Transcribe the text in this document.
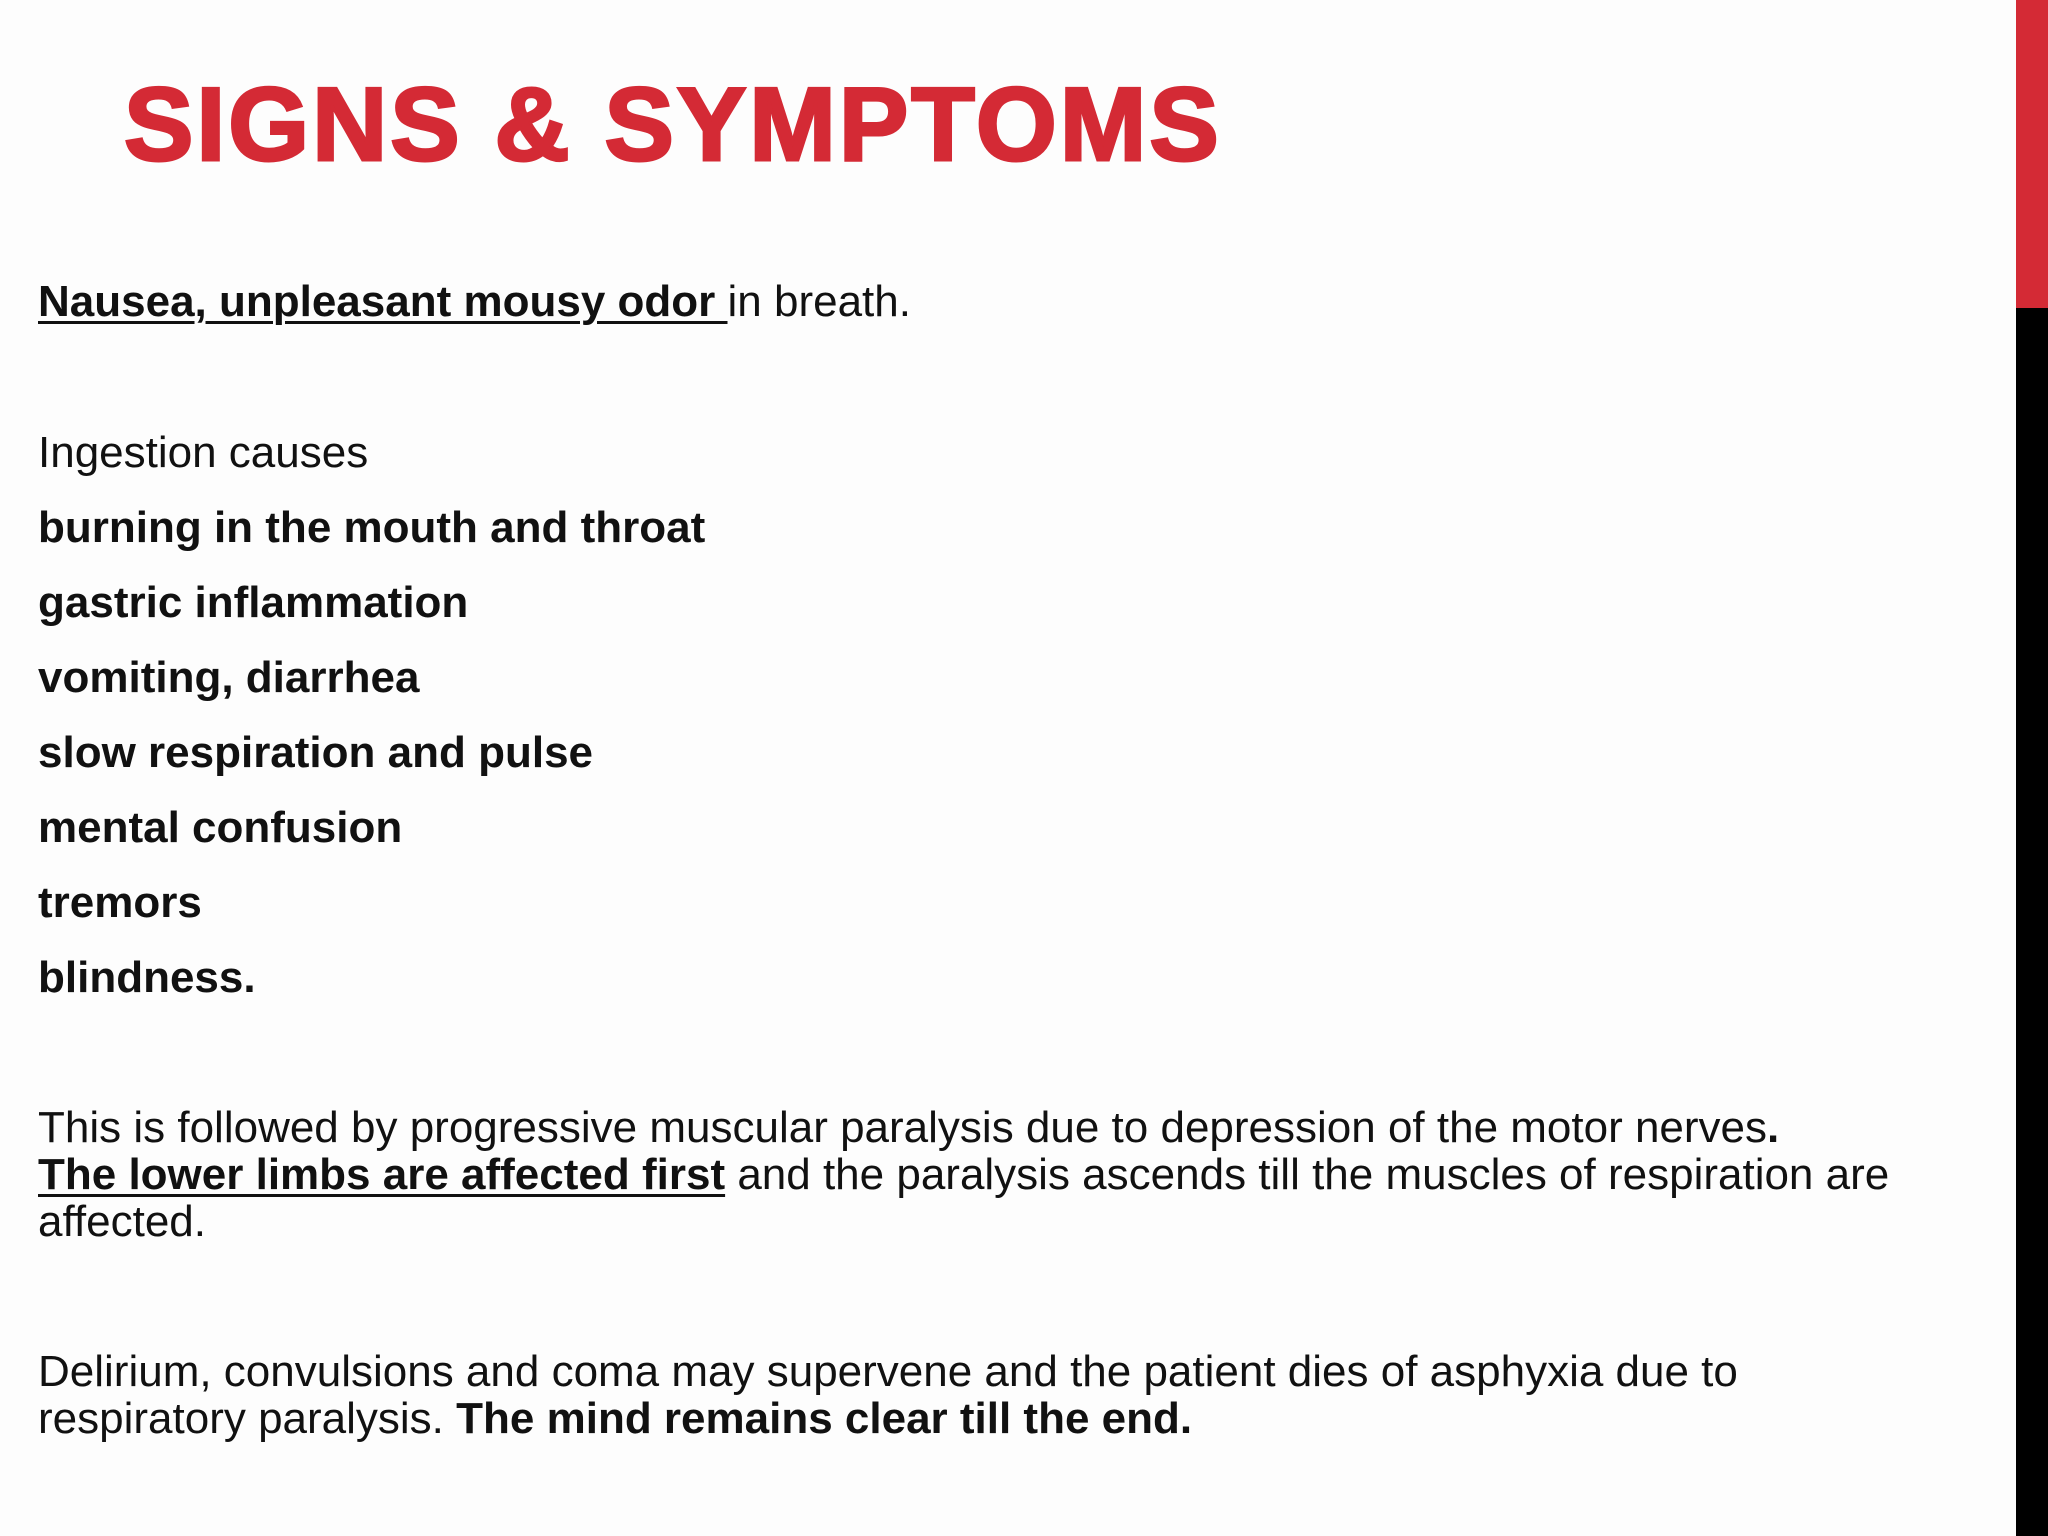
SIGNS & SYMPTOMS
Nausea, unpleasant mousy odor in breath.
Ingestion causes
burning in the mouth and throat
gastric inflammation
vomiting, diarrhea
slow respiration and pulse
mental confusion
tremors
blindness.
This is followed by progressive muscular paralysis due to depression of the motor nerves.
The lower limbs are affected first and the paralysis ascends till the muscles of respiration are affected.
Delirium, convulsions and coma may supervene and the patient dies of asphyxia due to respiratory paralysis. The mind remains clear till the end.
